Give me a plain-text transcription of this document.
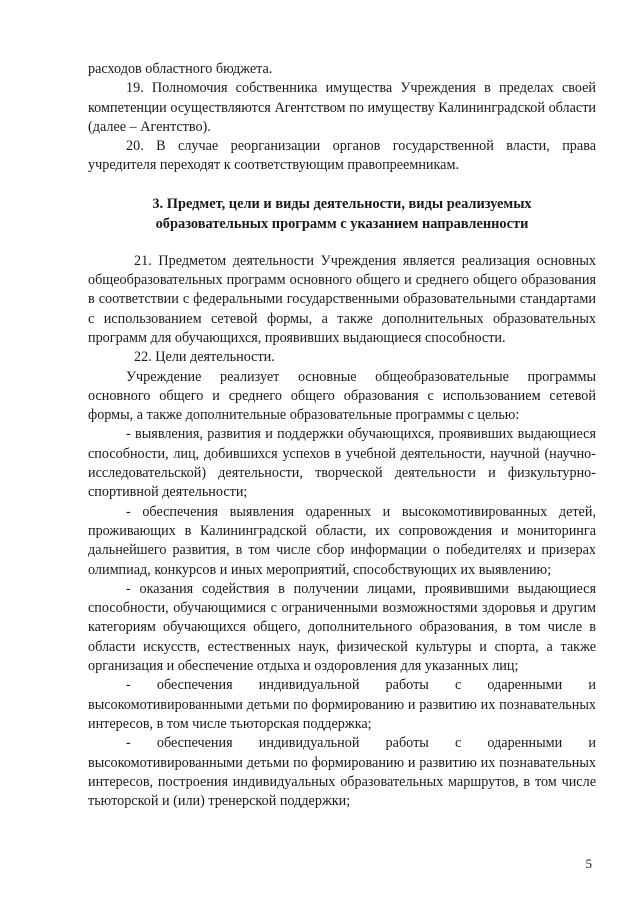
расходов областного бюджета.

19. Полномочия собственника имущества Учреждения в пределах своей компетенции осуществляются Агентством по имуществу Калининградской области (далее – Агентство).

20. В случае реорганизации органов государственной власти, права учредителя переходят к соответствующим правопреемникам.

3. Предмет, цели и виды деятельности, виды реализуемых образовательных программ с указанием направленности

21. Предметом деятельности Учреждения является реализация основных общеобразовательных программ основного общего и среднего общего образования в соответствии с федеральными государственными образовательными стандартами с использованием сетевой формы, а также дополнительных образовательных программ для обучающихся, проявивших выдающиеся способности.

22. Цели деятельности.

Учреждение реализует основные общеобразовательные программы основного общего и среднего общего образования с использованием сетевой формы, а также дополнительные образовательные программы с целью:

- выявления, развития и поддержки обучающихся, проявивших выдающиеся способности, лиц, добившихся успехов в учебной деятельности, научной (научно-исследовательской) деятельности, творческой деятельности и физкультурно-спортивной деятельности;

- обеспечения выявления одаренных и высокомотивированных детей, проживающих в Калининградской области, их сопровождения и мониторинга дальнейшего развития, в том числе сбор информации о победителях и призерах олимпиад, конкурсов и иных мероприятий, способствующих их выявлению;

- оказания содействия в получении лицами, проявившими выдающиеся способности, обучающимися с ограниченными возможностями здоровья и другим категориям обучающихся общего, дополнительного образования, в том числе в области искусств, естественных наук, физической культуры и спорта, а также организация и обеспечение отдыха и оздоровления для указанных лиц;

- обеспечения индивидуальной работы с одаренными и высокомотивированными детьми по формированию и развитию их познавательных интересов, в том числе тьюторская поддержка;

- обеспечения индивидуальной работы с одаренными и высокомотивированными детьми по формированию и развитию их познавательных интересов, построения индивидуальных образовательных маршрутов, в том числе тьюторской и (или) тренерской поддержки;

5
